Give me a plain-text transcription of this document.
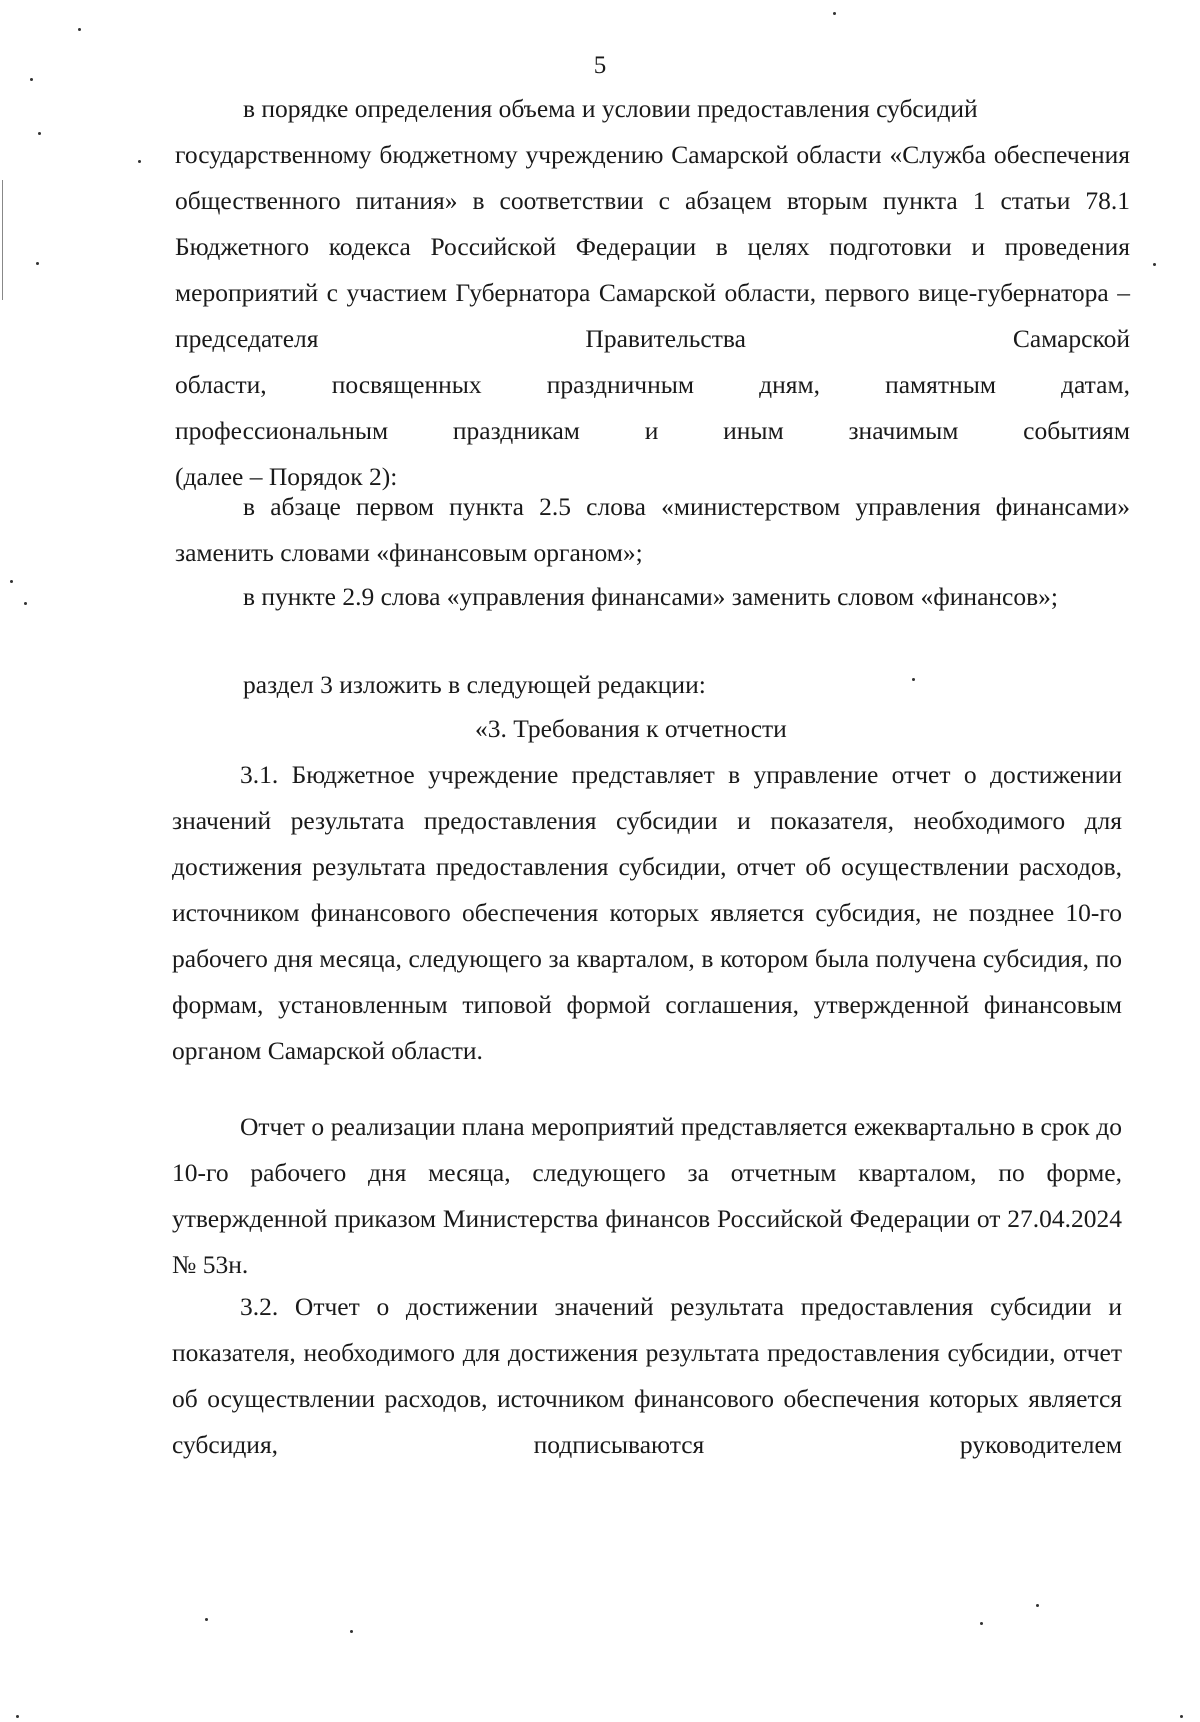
5

в порядке определения объема и условии предоставления субсидий

государственному бюджетному учреждению Самарской области «Служба обеспечения общественного питания» в соответствии с абзацем вторым пункта 1 статьи 78.1 Бюджетного кодекса Российской Федерации в целях подготовки и проведения мероприятий с участием Губернатора Самарской области, первого вице-губернатора – председателя Правительства Самарской

области,	посвященных	праздничным	дням,	памятным	датам,
профессиональным	праздникам	и	иным	значимым	событиям

(далее – Порядок 2):

в абзаце первом пункта 2.5 слова «министерством управления финансами» заменить словами «финансовым органом»;

в пункте 2.9 слова «управления финансами» заменить словом «финансов»;

раздел 3 изложить в следующей редакции:

«3. Требования к отчетности

3.1. Бюджетное учреждение представляет в управление отчет о достижении значений результата предоставления субсидии и показателя, необходимого для достижения результата предоставления субсидии, отчет об осуществлении расходов, источником финансового обеспечения которых является субсидия, не позднее 10-го рабочего дня месяца, следующего за кварталом, в котором была получена субсидия, по формам, установленным типовой формой соглашения, утвержденной финансовым органом Самарской области.

Отчет о реализации плана мероприятий представляется ежеквартально в срок до 10-го рабочего дня месяца, следующего за отчетным кварталом, по форме, утвержденной приказом Министерства финансов Российской Федерации от 27.04.2024 № 53н.

3.2. Отчет о достижении значений результата предоставления субсидии и показателя, необходимого для достижения результата предоставления субсидии, отчет об осуществлении расходов, источником финансового обеспечения которых является субсидия, подписываются руководителем
